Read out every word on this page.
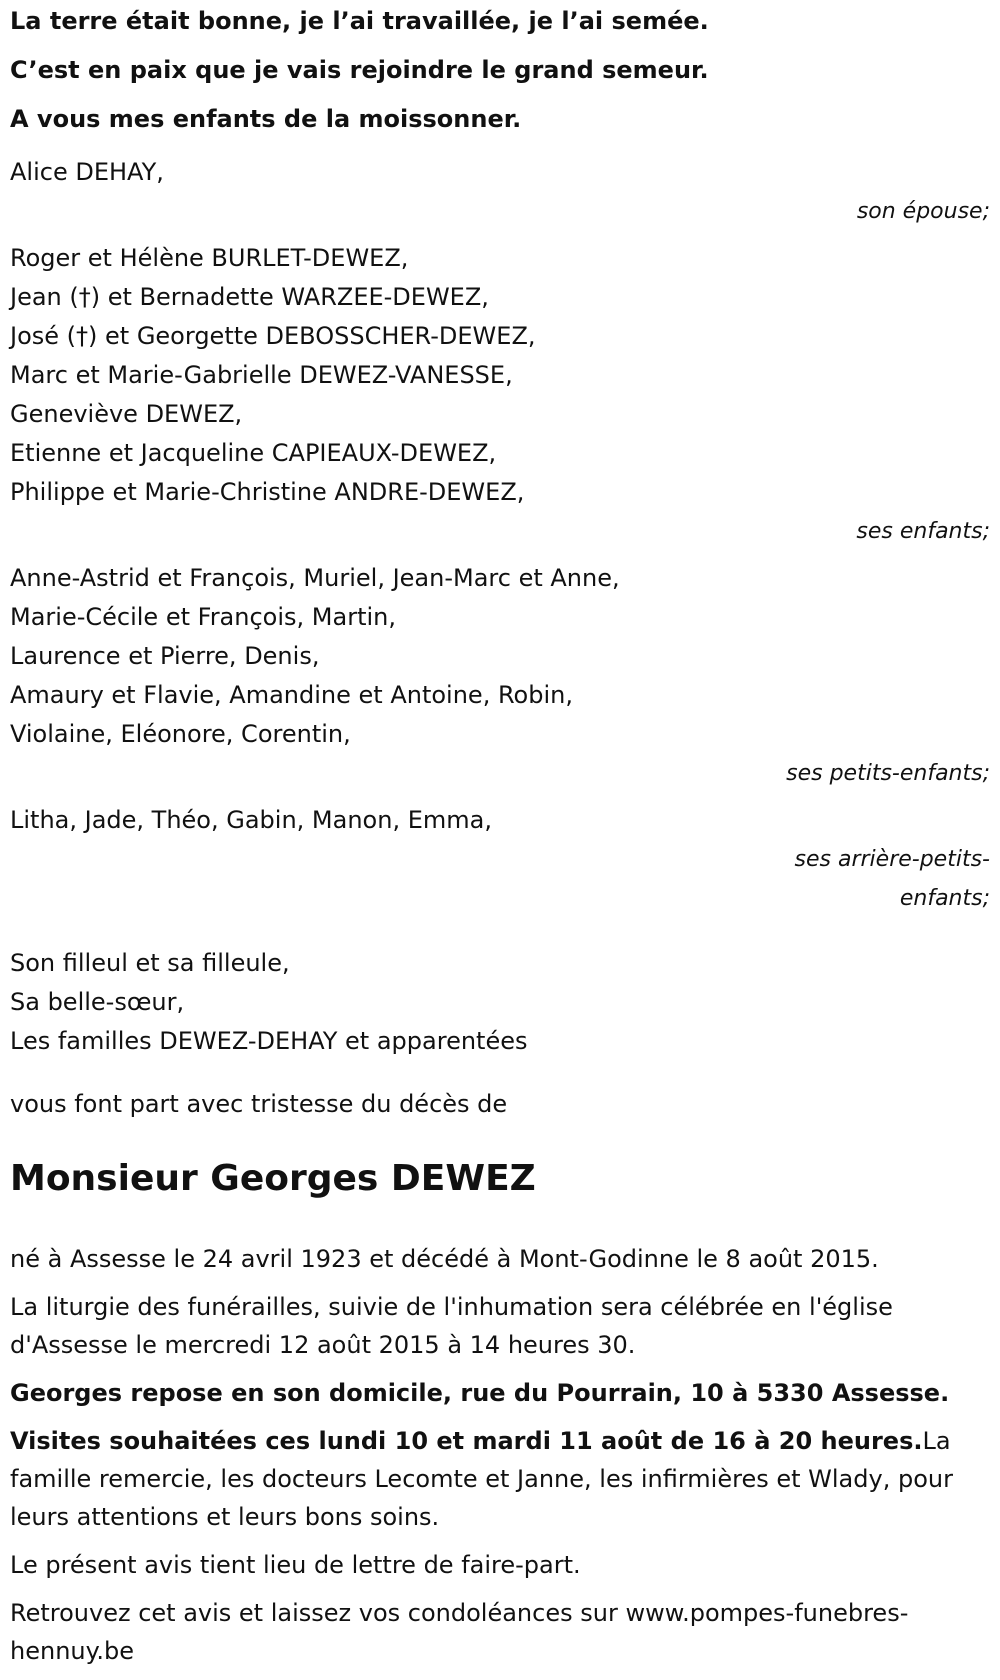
La terre était bonne, je l’ai travaillée, je l’ai semée.
C’est en paix que je vais rejoindre le grand semeur.
A vous mes enfants de la moissonner.
Alice DEHAY,
son épouse;
Roger et Hélène BURLET-DEWEZ,
Jean (†) et Bernadette WARZEE-DEWEZ,
José (†) et Georgette DEBOSSCHER-DEWEZ,
Marc et Marie-Gabrielle DEWEZ-VANESSE,
Geneviève DEWEZ,
Etienne et Jacqueline CAPIEAUX-DEWEZ,
Philippe et Marie-Christine ANDRE-DEWEZ,
ses enfants;
Anne-Astrid et François, Muriel, Jean-Marc et Anne,
Marie-Cécile et François, Martin,
Laurence et Pierre, Denis,
Amaury et Flavie, Amandine et Antoine, Robin,
Violaine, Eléonore, Corentin,
ses petits-enfants;
Litha, Jade, Théo, Gabin, Manon, Emma,
ses arrière-petits-enfants;
Son filleul et sa filleule,
Sa belle-sœur,
Les familles DEWEZ-DEHAY et apparentées
vous font part avec tristesse du décès de
Monsieur Georges DEWEZ
né à Assesse le 24 avril 1923 et décédé à Mont-Godinne le 8 août 2015.
La liturgie des funérailles, suivie de l'inhumation sera célébrée en l'église d'Assesse le mercredi 12 août 2015 à 14 heures 30.
Georges repose en son domicile, rue du Pourrain, 10 à 5330 Assesse.
Visites souhaitées ces lundi 10 et mardi 11 août de 16 à 20 heures.La famille remercie, les docteurs Lecomte et Janne, les infirmières et Wlady, pour leurs attentions et leurs bons soins.
Le présent avis tient lieu de lettre de faire-part.
Retrouvez cet avis et laissez vos condoléances sur www.pompes-funebres-hennuy.be
